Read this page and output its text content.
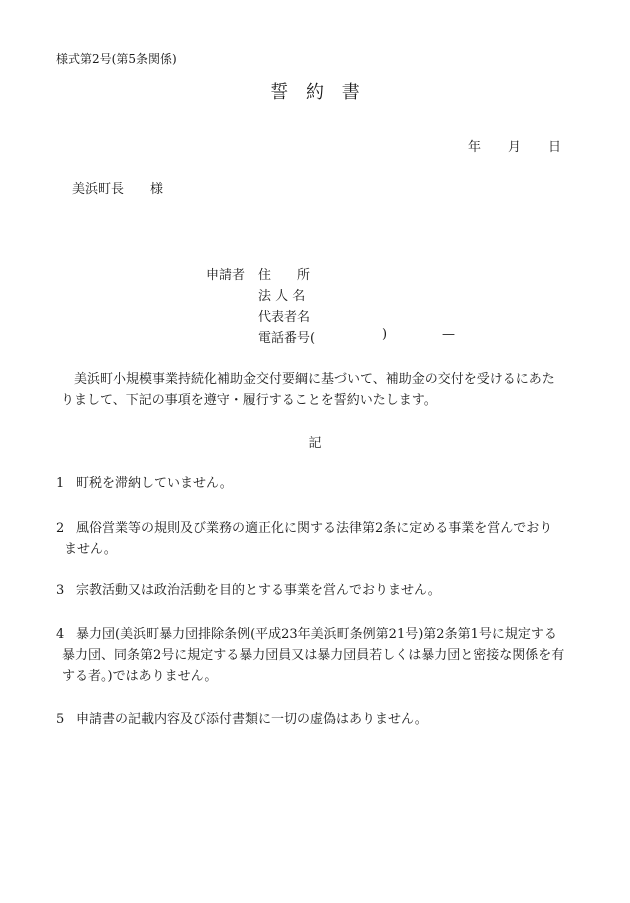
様式第2号(第5条関係)
誓 約 書
年 月 日
美浜町長 様
申請者 住　　所
法 人 名
代表者名
電話番号(	)	—
美浜町小規模事業持続化補助金交付要綱に基づいて、補助金の交付を受けるにあた
りまして、下記の事項を遵守・履行することを誓約いたします。
記
1 町税を滞納していません。
2 風俗営業等の規則及び業務の適正化に関する法律第2条に定める事業を営んでおり
ません。
3 宗教活動又は政治活動を目的とする事業を営んでおりません。
4 暴力団(美浜町暴力団排除条例(平成23年美浜町条例第21号)第2条第1号に規定する
暴力団、同条第2号に規定する暴力団員又は暴力団員若しくは暴力団と密接な関係を有
する者。)ではありません。
5 申請書の記載内容及び添付書類に一切の虚偽はありません。
